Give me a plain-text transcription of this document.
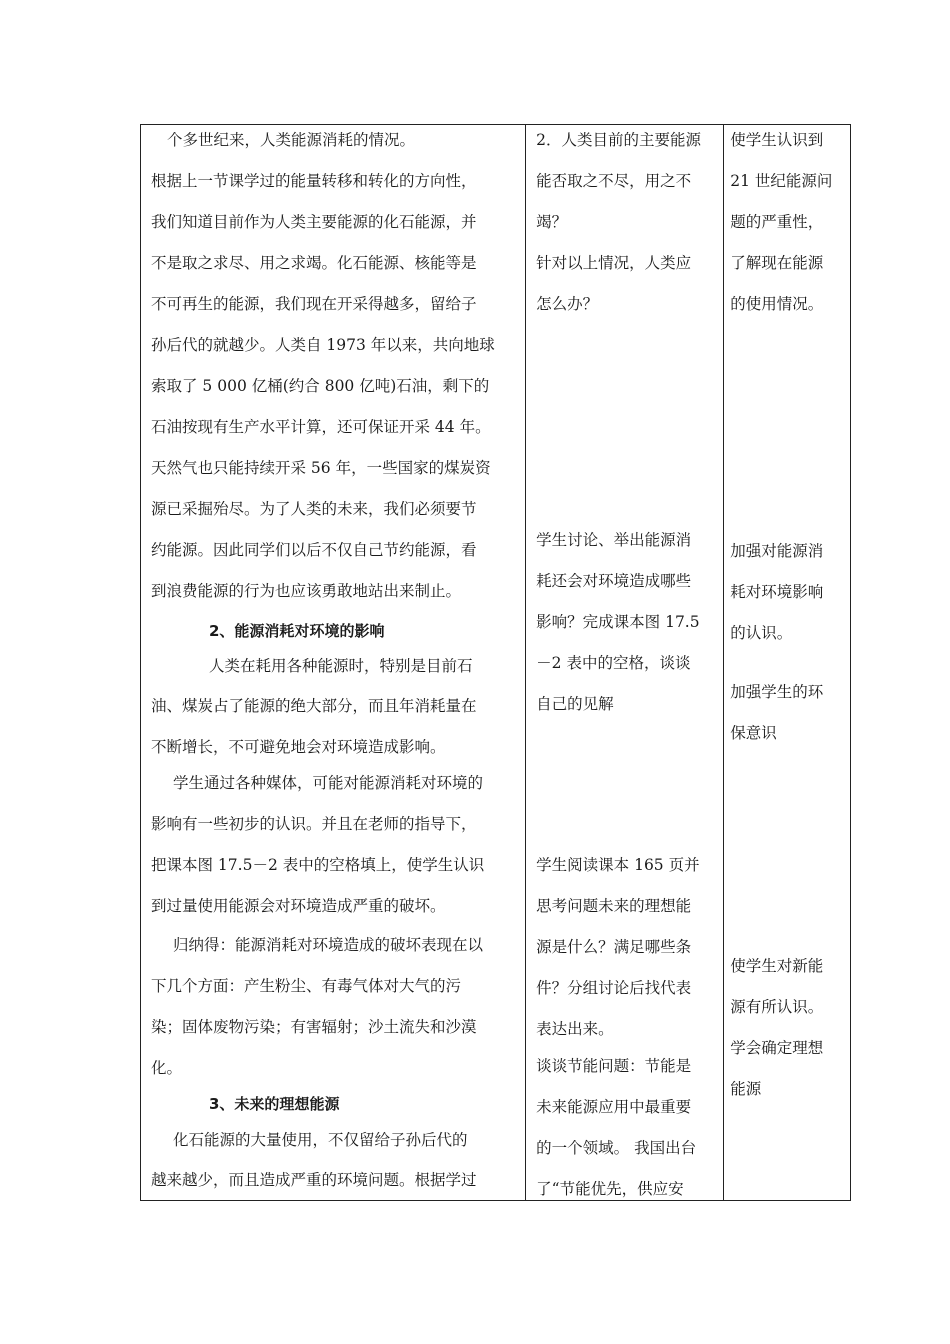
个多世纪来，人类能源消耗的情况。
根据上一节课学过的能量转移和转化的方向性，
我们知道目前作为人类主要能源的化石能源，并
不是取之求尽、用之求竭。化石能源、核能等是
不可再生的能源，我们现在开采得越多，留给子
孙后代的就越少。人类自 1973 年以来，共向地球
索取了 5 000 亿桶(约合 800 亿吨)石油，剩下的
石油按现有生产水平计算，还可保证开采 44 年。
天然气也只能持续开采 56 年，一些国家的煤炭资
源已采掘殆尽。为了人类的未来，我们必须要节
约能源。因此同学们以后不仅自己节约能源，看
到浪费能源的行为也应该勇敢地站出来制止。
2、能源消耗对环境的影响
人类在耗用各种能源时，特别是目前石
油、煤炭占了能源的绝大部分，而且年消耗量在
不断增长，不可避免地会对环境造成影响。
学生通过各种媒体，可能对能源消耗对环境的
影响有一些初步的认识。并且在老师的指导下，
把课本图 17.5－2 表中的空格填上，使学生认识
到过量使用能源会对环境造成严重的破坏。
归纳得：能源消耗对环境造成的破坏表现在以
下几个方面：产生粉尘、有毒气体对大气的污
染；固体废物污染；有害辐射；沙土流失和沙漠
化。
3、未来的理想能源
化石能源的大量使用，不仅留给子孙后代的
越来越少，而且造成严重的环境问题。根据学过

2．人类目前的主要能源
能否取之不尽，用之不
竭？
针对以上情况，人类应
怎么办？
学生讨论、举出能源消
耗还会对环境造成哪些
影响？完成课本图 17.5
－2 表中的空格，谈谈
自己的见解
学生阅读课本 165 页并
思考问题未来的理想能
源是什么？满足哪些条
件？分组讨论后找代表
表达出来。
谈谈节能问题：节能是
未来能源应用中最重要
的一个领域。 我国出台
了“节能优先，供应安

使学生认识到
21 世纪能源问
题的严重性，
了解现在能源
的使用情况。
加强对能源消
耗对环境影响
的认识。
加强学生的环
保意识
使学生对新能
源有所认识。
学会确定理想
能源
